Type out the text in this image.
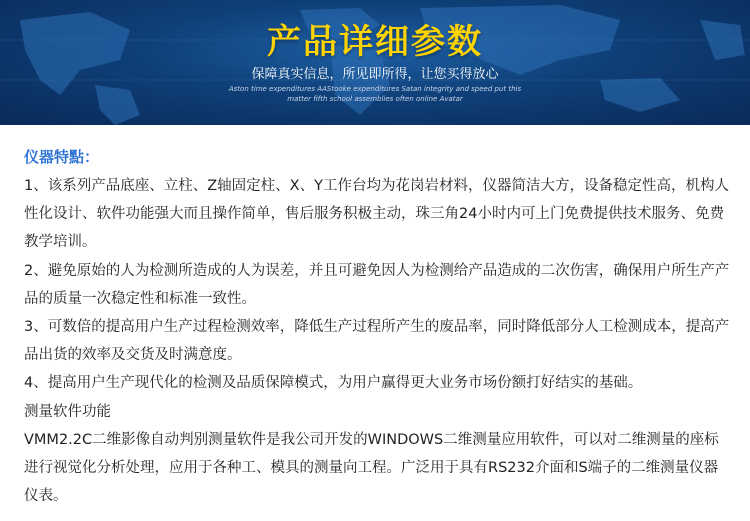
产品详细参数
保障真实信息，所见即所得，让您买得放心
Aston time expenditures AAStooke expenditures Satan integrity and speed put this
matter fifth school assemblies often online Avatar
仪器特點：

1、该系列产品底座、立柱、Z轴固定柱、X、Y工作台均为花岗岩材料，仪器简洁大方，设备稳定性高，机构人性化设计、软件功能强大而且操作简单，售后服务积极主动，珠三角24小时内可上门免费提供技术服务、免费教学培训。

2、避免原始的人为检测所造成的人为误差，并且可避免因人为检测给产品造成的二次伤害，确保用户所生产产品的质量一次稳定性和标准一致性。

3、可数倍的提高用户生产过程检测效率，降低生产过程所产生的废品率，同时降低部分人工检测成本，提高产品出货的效率及交货及时满意度。

4、提高用户生产现代化的检测及品质保障模式，为用户赢得更大业务市场份额打好结实的基础。

测量软件功能

VMM2.2C二维影像自动判别测量软件是我公司开发的WINDOWS二维测量应用软件，可以对二维测量的座标进行视觉化分析处理，应用于各种工、模具的测量向工程。广泛用于具有RS232介面和S端子的二维测量仪器仪表。
